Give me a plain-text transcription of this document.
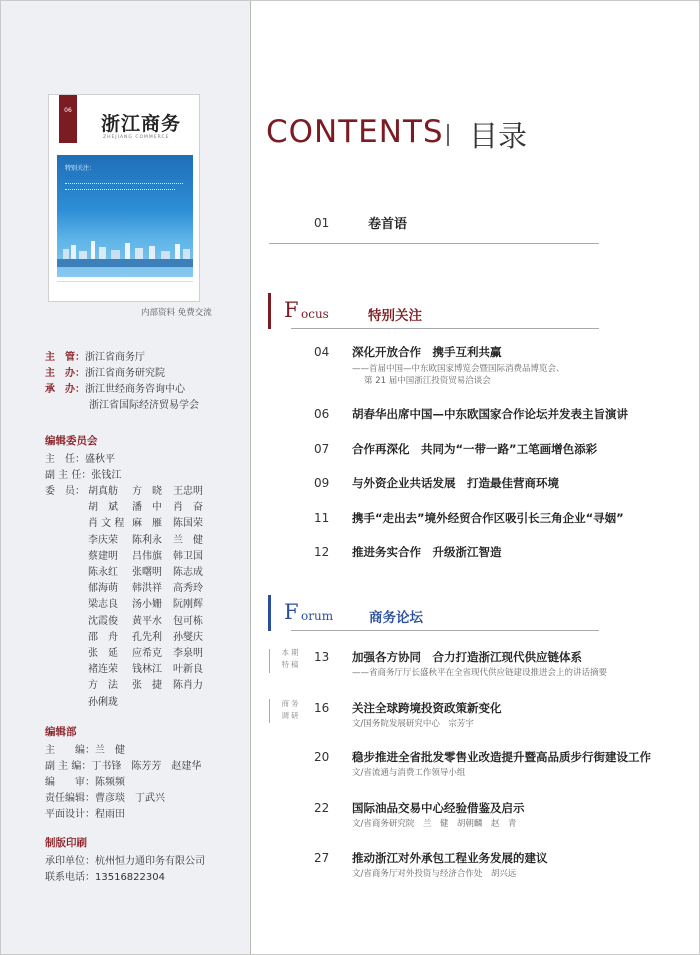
06
浙江商务
ZHEJIANG COMMERCE
特别关注：
内部资料 免费交流
主　管：浙江省商务厅
主　办：浙江省商务研究院
承　办：浙江世经商务咨询中心
浙江省国际经济贸易学会
编辑委员会
主　任：盛秋平
副 主 任：张钱江
委　员： 胡真舫 方　晓 王忠明
胡　斌 潘　中 肖　奋
肖 文 程 麻　雁 陈国荣
李庆荣 陈利永 兰　健
蔡建明 吕伟旗 韩卫国
陈永红 张曙明 陈志成
郁海萌 韩洪祥 高秀玲
梁志良 汤小姗 阮刚辉
沈霞俊 黄平水 包可栋
邵　舟 孔先利 孙燮庆
张　延 应希克 李泉明
褚连荣 钱林江 叶新良
方　法 张　捷 陈肖力
孙俐珑
编辑部
主　　编：兰　健
副 主 编：丁书锋　陈芳芳　赵建华
编　　审：陈频频
责任编辑：曹彦琰　丁武兴
平面设计：程雨田
制版印刷
承印单位：杭州恒力通印务有限公司
联系电话：13516822304
CONTENTS 目录
01	卷首语
F ocus	特别关注
04 深化开放合作　携手互利共赢
——首届中国—中东欧国家博览会暨国际消费品博览会、
第 21 届中国浙江投资贸易洽谈会
06 胡春华出席中国—中东欧国家合作论坛并发表主旨演讲
07 合作再深化　共同为“一带一路”工笔画增色添彩
09 与外资企业共话发展　打造最佳营商环境
11 携手“走出去”境外经贸合作区吸引长三角企业“寻姻”
12 推进务实合作　升级浙江智造
F orum	商务论坛
本期特稿
商务调研
13 加强各方协同　合力打造浙江现代供应链体系
——省商务厅厅长盛秋平在全省现代供应链建设推进会上的讲话摘要
16 关注全球跨境投资政策新变化
文/国务院发展研究中心　宗芳宇
20 稳步推进全省批发零售业改造提升暨高品质步行街建设工作
文/省流通与消费工作领导小组
22 国际油品交易中心经验借鉴及启示
文/省商务研究院　兰　健　胡朝麟　赵　青
27 推动浙江对外承包工程业务发展的建议
文/省商务厅对外投资与经济合作处　胡兴远
